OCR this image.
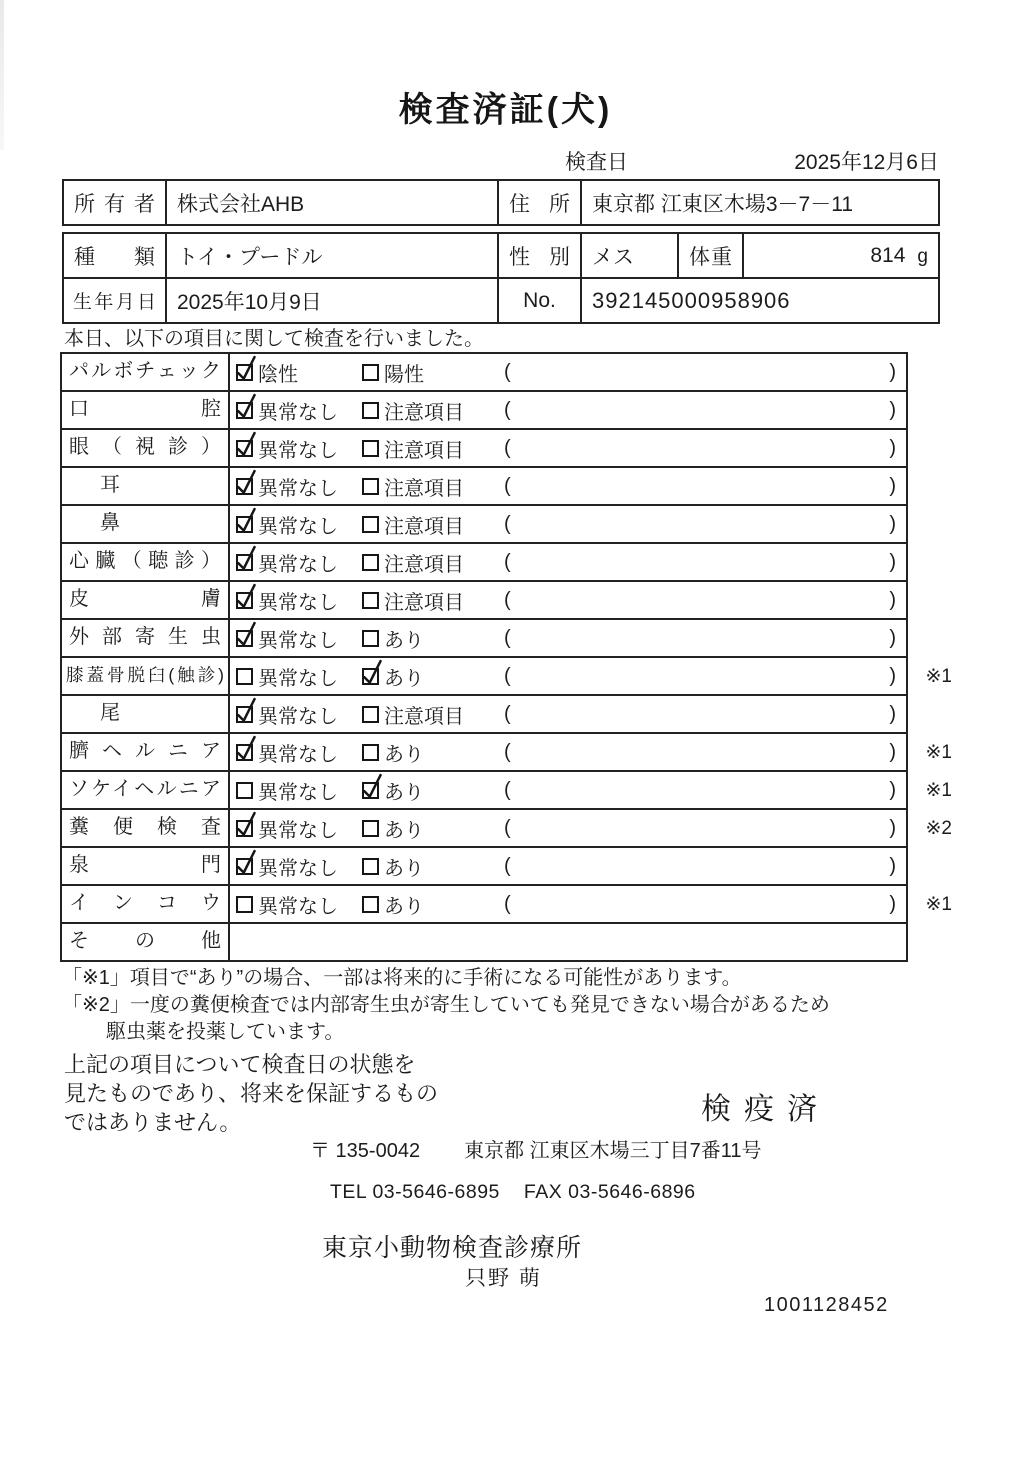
検査済証(犬)
検査日	2025年12月6日
所有者	株式会社AHB	住所	東京都 江東区木場3－7－11
種類	トイ・プードル	性別	メス	体重	814 g
生年月日	2025年10月9日	No.	392145000958906		
本日、以下の項目に関して検査を行いました。
パルボチェック	陰性	陽性	(	)
口腔	異常なし 注意項目 (	)
眼（視診）	異常なし 注意項目 (	)
耳	異常なし 注意項目 (	)
鼻	異常なし 注意項目 (	)
心臓（聴診）	異常なし 注意項目 (	)
皮膚	異常なし 注意項目 (	)
外部寄生虫	異常なし あり	(	)
膝蓋骨脱臼(触診)	異常なし あり	(	) ※1
尾	異常なし 注意項目 (	)
臍ヘルニア	異常なし あり	(	) ※1
ソケイヘルニア	異常なし あり	(	) ※1
糞便検査	異常なし あり	(	) ※2
泉門	異常なし あり	(	)
インコウ	異常なし あり	(	) ※1
その他
「※1」項目で“あり”の場合、一部は将来的に手術になる可能性があります。
「※2」一度の糞便検査では内部寄生虫が寄生していても発見できない場合があるため
駆虫薬を投薬しています。
上記の項目について検査日の状態を
見たものであり、将来を保証するもの
ではありません。	検疫済
〒 135-0042 東京都 江東区木場三丁目7番11号
TEL 03-5646-6895 FAX 03-5646-6896
東京小動物検査診療所
只野 萌
1001128452
